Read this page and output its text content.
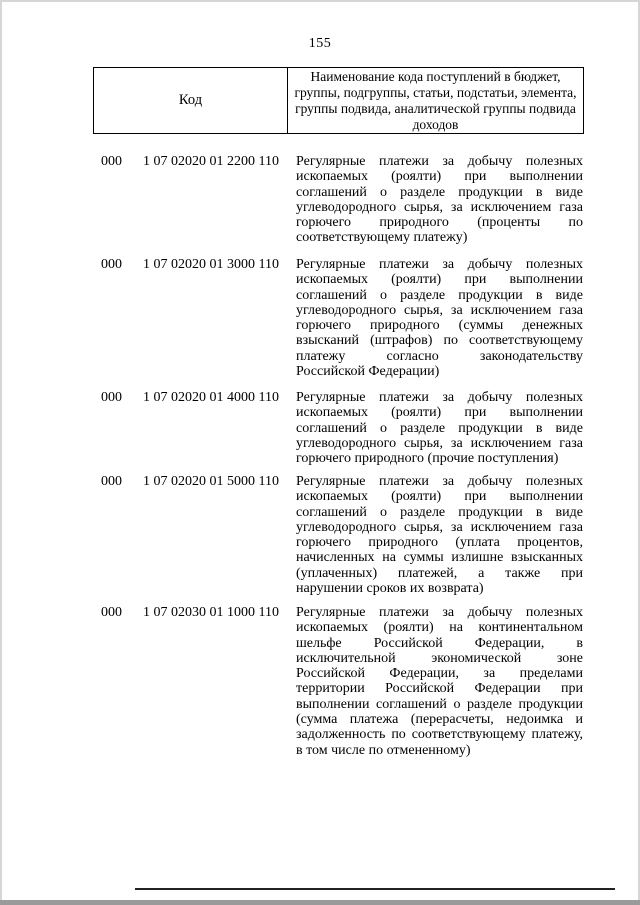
155
Код
Наименование кода поступлений в бюджет, группы, подгруппы, статьи, подстатьи, элемента, группы подвида, аналитической группы подвида доходов
000 1 07 02020 01 2200 110 Регулярные платежи за добычу полезных
ископаемых (роялти) при выполнении
соглашений о разделе продукции в виде
углеводородного сырья, за исключением газа
горючего природного (проценты по
соответствующему платежу)
000 1 07 02020 01 3000 110 Регулярные платежи за добычу полезных
ископаемых (роялти) при выполнении
соглашений о разделе продукции в виде
углеводородного сырья, за исключением газа
горючего природного (суммы денежных
взысканий (штрафов) по соответствующему
платежу согласно законодательству
Российской Федерации)
000 1 07 02020 01 4000 110 Регулярные платежи за добычу полезных
ископаемых (роялти) при выполнении
соглашений о разделе продукции в виде
углеводородного сырья, за исключением газа
горючего природного (прочие поступления)
000 1 07 02020 01 5000 110 Регулярные платежи за добычу полезных
ископаемых (роялти) при выполнении
соглашений о разделе продукции в виде
углеводородного сырья, за исключением газа
горючего природного (уплата процентов,
начисленных на суммы излишне взысканных
(уплаченных) платежей, а также при
нарушении сроков их возврата)
000 1 07 02030 01 1000 110 Регулярные платежи за добычу полезных
ископаемых (роялти) на континентальном
шельфе Российской Федерации, в
исключительной экономической зоне
Российской Федерации, за пределами
территории Российской Федерации при
выполнении соглашений о разделе продукции
(сумма платежа (перерасчеты, недоимка и
задолженность по соответствующему платежу,
в том числе по отмененному)
